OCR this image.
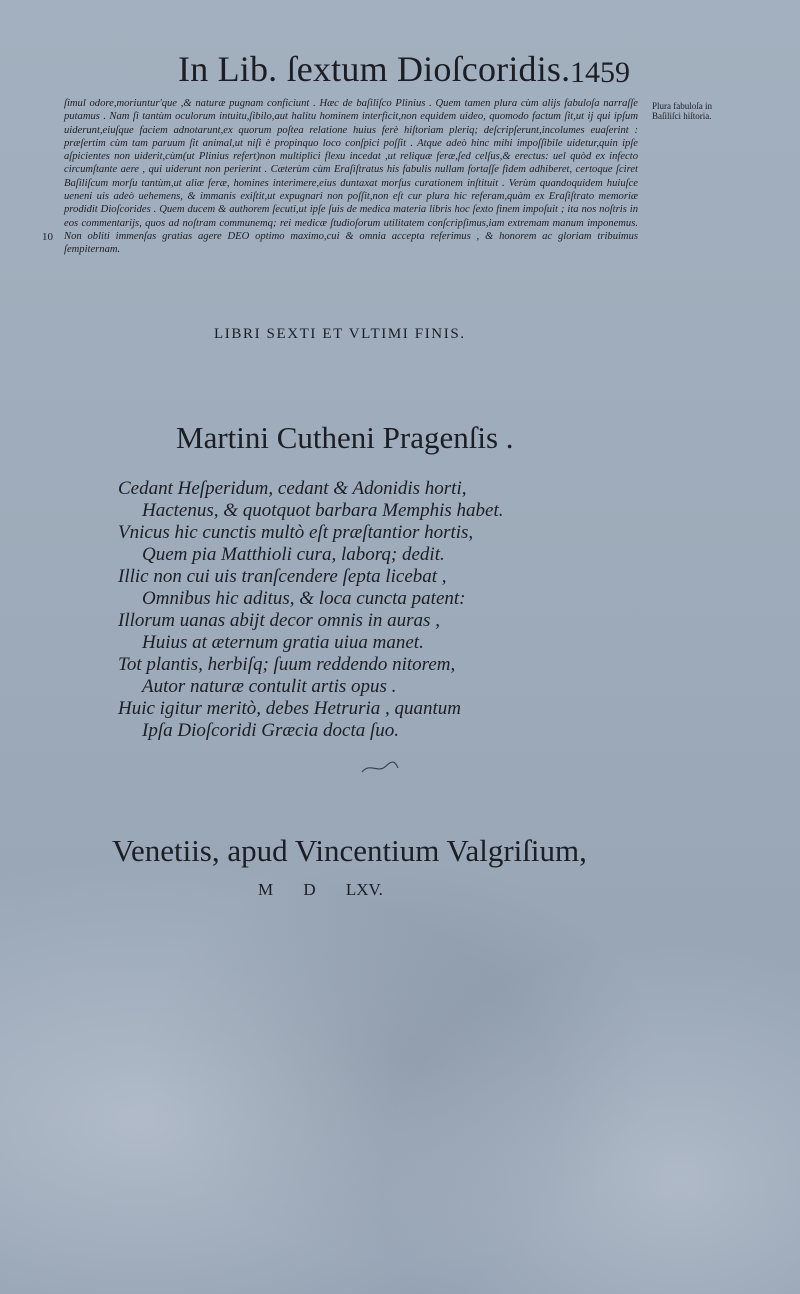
In Lib. ſextum Dioſcoridis. 1459

ſimul odore,moriuntur'que ,& naturæ pugnam conficiunt . Hæc de baſiliſco Plinius . Quem tamen plura cùm alijs fabuloſa narraſſe putamus . Nam ſi tantùm oculorum intuitu,ſibilo,aut halitu hominem interficit,non equidem uideo, quomodo factum ſit,ut ij qui ipſum uiderunt,eiuſque faciem adnotarunt,ex quorum poſtea relatione huius ferè hiſtoriam pleriq; deſcripſerunt,incolumes euaſerint : præſertim cùm tam paruum ſit animal,ut niſi è propinquo loco conſpici poſſit . Atque adeò hinc mihi impoſſibile uidetur,quin ipſe aſpicientes non uiderit,cùm(ut Plinius refert)non multiplici flexu incedat ,ut reliquæ feræ,ſed celſus,& erectus: uel quòd ex infecto circumſtante aere , qui uiderunt non perierint . Cæterùm cùm Eraſiſtratus his fabulis nullam fortaſſe fidem adhiberet, certoque ſciret Baſiliſcum morſu tantùm,ut aliæ feræ, homines interimere,eius duntaxat morſus curationem inſtituit . Verùm quandoquidem huiuſce ueneni uis adeò uehemens, & immanis exiſtit,ut expugnari non poſſit,non eſt cur plura hic referam,quàm ex Eraſiſtrato memoriæ prodidit Dioſcorides . Quem ducem & authorem ſecuti,ut ipſe ſuis de medica materia libris hoc ſexto finem impoſuit ; ita nos noſtris in eos commentarijs, quos ad noſtram communemq; rei medicæ ſtudioſorum utilitatem conſcripſimus,iam extremam manum imponemus. Non obliti immenſas gratias agere DEO optimo maximo,cui & omnia accepta referimus , & honorem ac gloriam tribuimus ſempiternam.

10
Plura fabuloſa in Baſiliſci hiſtoria.
LIBRI SEXTI ET VLTIMI FINIS.
Martini Cutheni Pragenſis .
Cedant Heſperidum, cedant & Adonidis horti,
Hactenus, & quotquot barbara Memphis habet.
Vnicus hic cunctis multò eſt præſtantior hortis,
Quem pia Matthioli cura, laborq; dedit.
Illic non cui uis tranſcendere ſepta licebat ,
Omnibus hic aditus, & loca cuncta patent:
Illorum uanas abijt decor omnis in auras ,
Huius at æternum gratia uiua manet.
Tot plantis, herbiſq; ſuum reddendo nitorem,
Autor naturæ contulit artis opus .
Huic igitur meritò, debes Hetruria , quantum
Ipſa Dioſcoridi Græcia docta ſuo.
Venetiis, apud Vincentium Valgriſium,
M D LXV.
